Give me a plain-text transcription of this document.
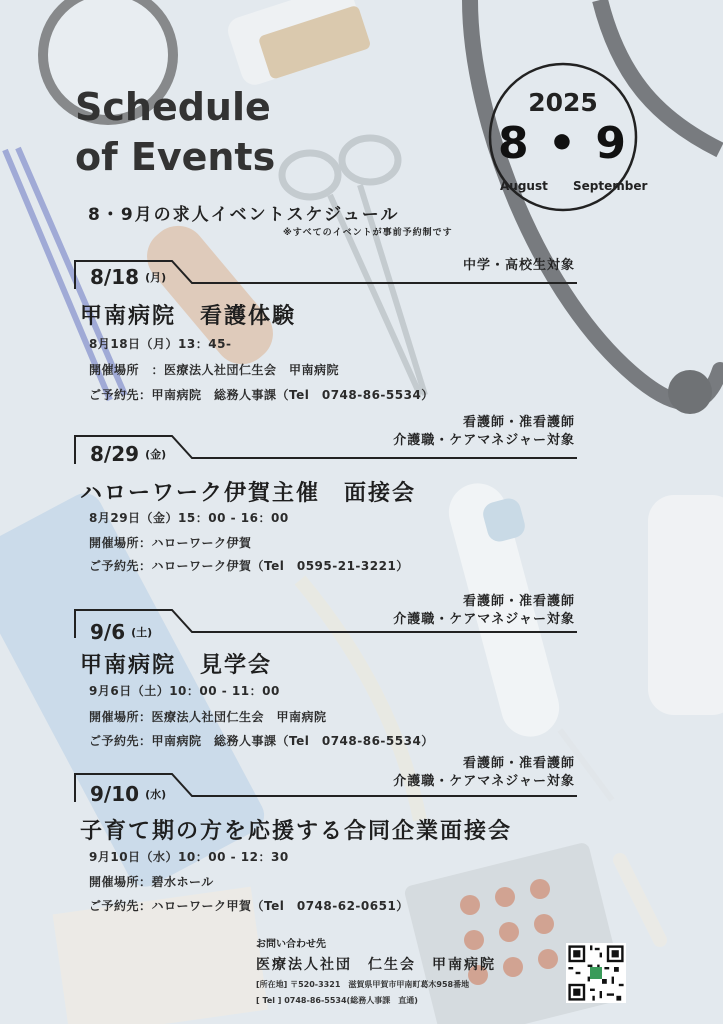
Schedule
of Events
8・9月の求人イベントスケジュール
※すべてのイベントが事前予約制です
2025
8 • 9
August September
中学・高校生対象
8/18 (月)
甲南病院　看護体験
8月18日（月）13：45-
開催場所　：医療法人社団仁生会　甲南病院
ご予約先：甲南病院　総務人事課（Tel　0748-86-5534）
看護師・准看護師
介護職・ケアマネジャー対象
8/29 (金)
ハローワーク伊賀主催　面接会
8月29日（金）15：00 - 16：00
開催場所：ハローワーク伊賀
ご予約先：ハローワーク伊賀（Tel　0595-21-3221）
看護師・准看護師
介護職・ケアマネジャー対象
9/6 (土)
甲南病院　見学会
9月6日（土）10：00 - 11：00
開催場所：医療法人社団仁生会　甲南病院
ご予約先：甲南病院　総務人事課（Tel　0748-86-5534）
看護師・准看護師
介護職・ケアマネジャー対象
9/10 (水)
子育て期の方を応援する合同企業面接会
9月10日（水）10：00 - 12：30
開催場所：碧水ホール
ご予約先：ハローワーク甲賀（Tel　0748-62-0651）
お問い合わせ先
医療法人社団　仁生会　甲南病院
[所在地] 〒520-3321　滋賀県甲賀市甲南町葛木958番地
[ Tel ] 0748-86-5534(総務人事課　直通)
